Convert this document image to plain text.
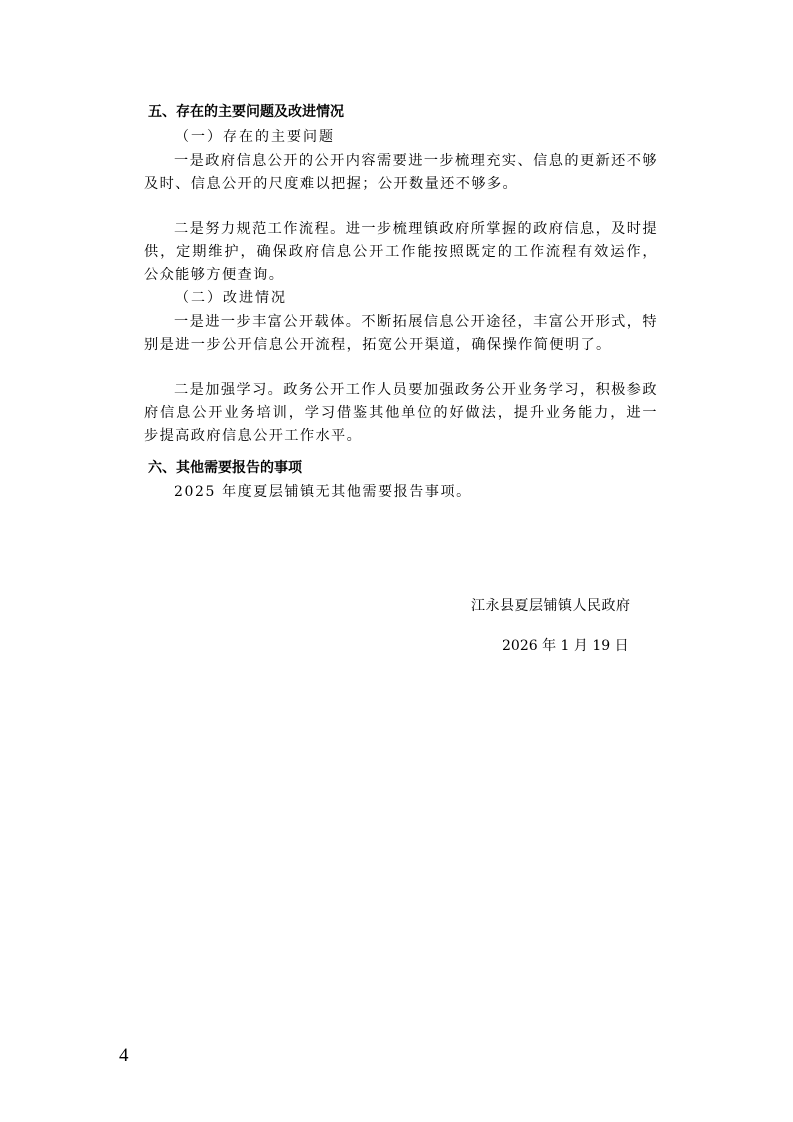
五、存在的主要问题及改进情况
（一）存在的主要问题
一是政府信息公开的公开内容需要进一步梳理充实、信息的更新还不够及时、信息公开的尺度难以把握；公开数量还不够多。
二是努力规范工作流程。进一步梳理镇政府所掌握的政府信息，及时提供，定期维护，确保政府信息公开工作能按照既定的工作流程有效运作，公众能够方便查询。
（二）改进情况
一是进一步丰富公开载体。不断拓展信息公开途径，丰富公开形式，特别是进一步公开信息公开流程，拓宽公开渠道，确保操作简便明了。
二是加强学习。政务公开工作人员要加强政务公开业务学习，积极参政府信息公开业务培训，学习借鉴其他单位的好做法，提升业务能力，进一步提高政府信息公开工作水平。
六、其他需要报告的事项
2025 年度夏层铺镇无其他需要报告事项。
江永县夏层铺镇人民政府
2026 年 1 月 19 日
4
